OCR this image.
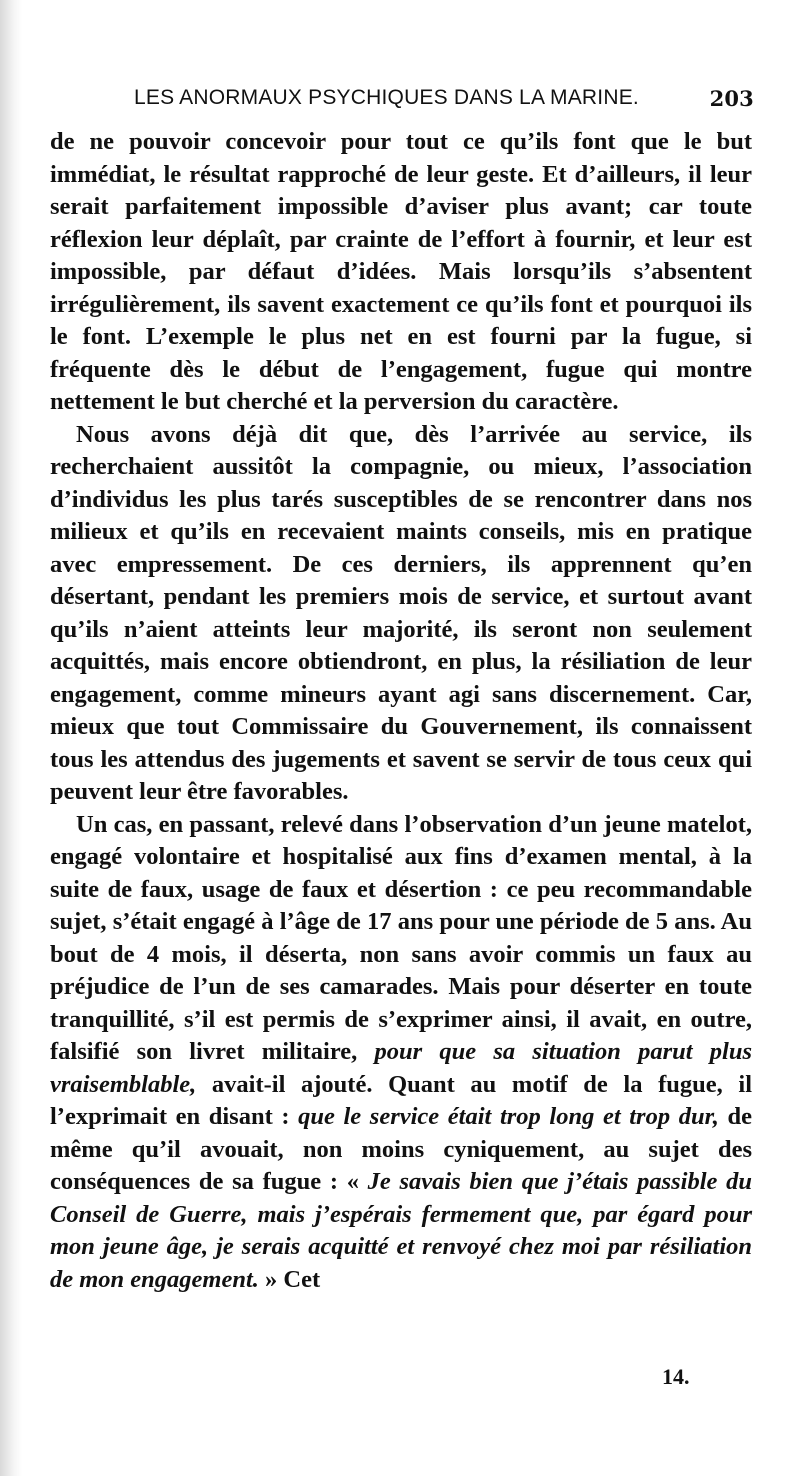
LES ANORMAUX PSYCHIQUES DANS LA MARINE.	203

de ne pouvoir concevoir pour tout ce qu’ils font que le but immédiat, le résultat rapproché de leur geste. Et d’ailleurs, il leur serait parfaitement impossible d’aviser plus avant; car toute réflexion leur déplaît, par crainte de l’effort à fournir, et leur est impossible, par défaut d’idées. Mais lorsqu’ils s’absentent irrégulièrement, ils savent exactement ce qu’ils font et pourquoi ils le font. L’exemple le plus net en est fourni par la fugue, si fréquente dès le début de l’engagement, fugue qui montre nettement le but cherché et la perversion du caractère.

Nous avons déjà dit que, dès l’arrivée au service, ils recherchaient aussitôt la compagnie, ou mieux, l’association d’individus les plus tarés susceptibles de se rencontrer dans nos milieux et qu’ils en recevaient maints conseils, mis en pratique avec empressement. De ces derniers, ils apprennent qu’en désertant, pendant les premiers mois de service, et surtout avant qu’ils n’aient atteints leur majorité, ils seront non seulement acquittés, mais encore obtiendront, en plus, la résiliation de leur engagement, comme mineurs ayant agi sans discernement. Car, mieux que tout Commissaire du Gouvernement, ils connaissent tous les attendus des jugements et savent se servir de tous ceux qui peuvent leur être favorables.

Un cas, en passant, relevé dans l’observation d’un jeune matelot, engagé volontaire et hospitalisé aux fins d’examen mental, à la suite de faux, usage de faux et désertion : ce peu recommandable sujet, s’était engagé à l’âge de 17 ans pour une période de 5 ans. Au bout de 4 mois, il déserta, non sans avoir commis un faux au préjudice de l’un de ses camarades. Mais pour déserter en toute tranquillité, s’il est permis de s’exprimer ainsi, il avait, en outre, falsifié son livret militaire, pour que sa situation parut plus vraisemblable, avait-il ajouté. Quant au motif de la fugue, il l’exprimait en disant : que le service était trop long et trop dur, de même qu’il avouait, non moins cyniquement, au sujet des conséquences de sa fugue : « Je savais bien que j’étais passible du Conseil de Guerre, mais j’espérais fermement que, par égard pour mon jeune âge, je serais acquitté et renvoyé chez moi par résiliation de mon engagement. » Cet

14.
